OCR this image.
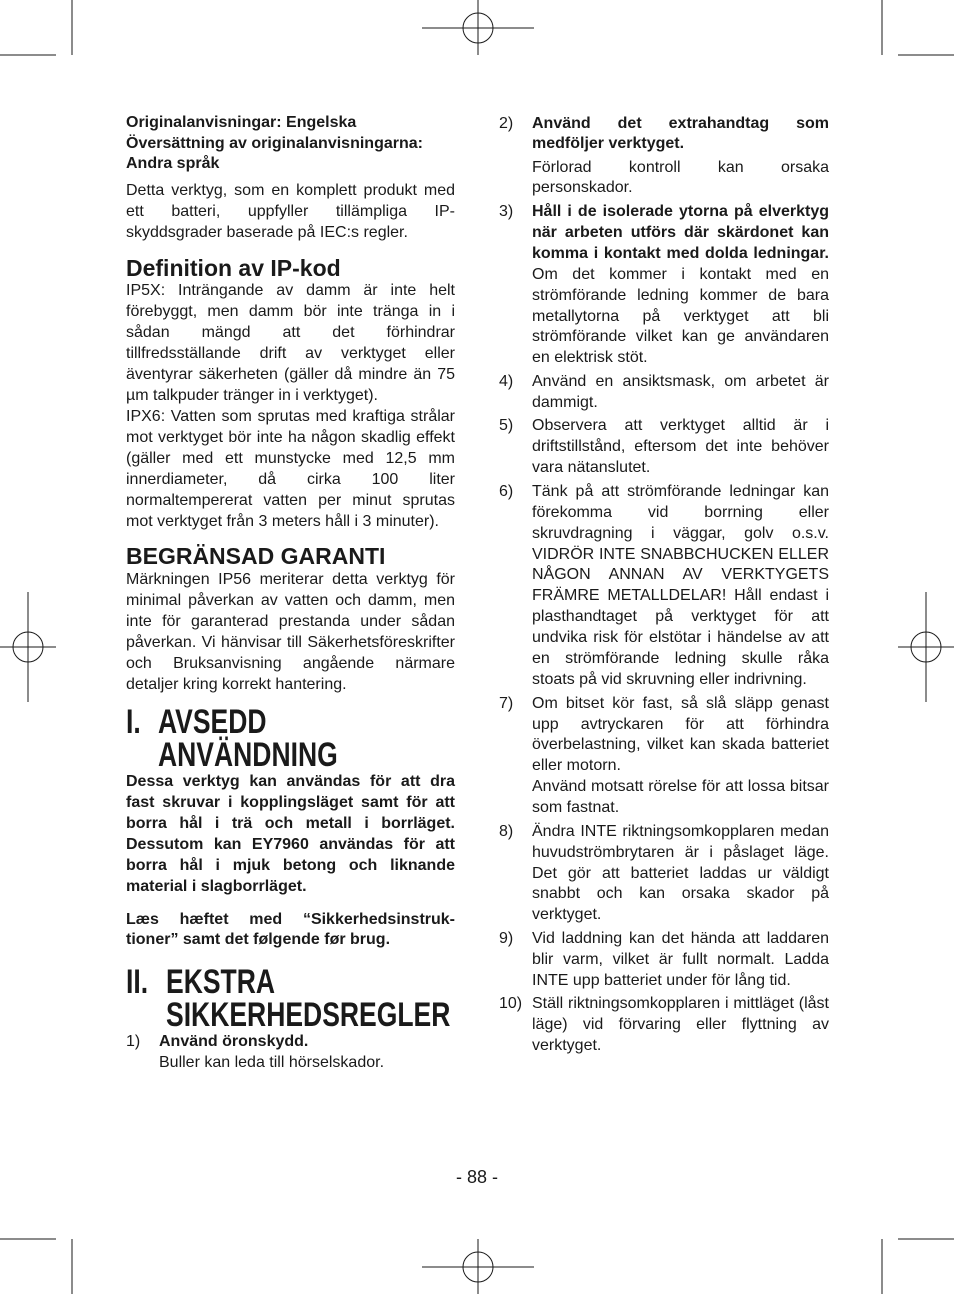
Originalanvisningar: Engelska
Översättning av originalanvisningarna:
Andra språk

Detta verktyg, som en komplett produkt med ett batteri, uppfyller tillämpliga IP-skyddsgrader baserade på IEC:s regler.

Definition av IP-kod

IP5X: Inträngande av damm är inte helt förebyggt, men damm bör inte tränga in i sådan mängd att det förhindrar tillfredsställande drift av verktyget eller äventyrar säkerheten (gäller då mindre än 75 µm talkpuder tränger in i verktyget).

IPX6: Vatten som sprutas med kraftiga strålar mot verktyget bör inte ha någon skadlig effekt (gäller med ett munstycke med 12,5 mm innerdiameter, då cirka 100 liter normaltempererat vatten per minut sprutas mot verktyget från 3 meters håll i 3 minuter).

BEGRÄNSAD GARANTI

Märkningen IP56 meriterar detta verktyg för minimal påverkan av vatten och damm, men inte för garanterad prestanda under sådan påverkan. Vi hänvisar till Säkerhetsföreskrifter och Bruksanvisning angående närmare detaljer kring korrekt hantering.

I. AVSEDD
ANVÄNDNING

Dessa verktyg kan användas för att dra fast skruvar i kopplingsläget samt för att borra hål i trä och metall i borrläget. Dessutom kan EY7960 användas för att borra hål i mjuk betong och liknande material i slagborrläget.

Læs hæftet med “Sikkerhedsinstruk-tioner” samt det følgende før brug.

II. EKSTRA
SIKKERHEDSREGLER
1)	Använd öronskydd.

Buller kan leda till hörselskador.

2)	Använd det extrahandtag som medföljer verktyget.

Förlorad kontroll kan orsaka personskador.

3)	Håll i de isolerade ytorna på elverktyg när arbeten utförs där skärdonet kan komma i kontakt med dolda ledningar. Om det kommer i kontakt med en strömförande ledning kommer de bara metallytorna på verktyget att bli strömförande vilket kan ge användaren en elektrisk stöt.

4)	Använd en ansiktsmask, om arbetet är dammigt.

5)	Observera att verktyget alltid är i driftstillstånd, eftersom det inte behöver vara nätanslutet.

6)	Tänk på att strömförande ledningar kan förekomma vid borrning eller skruvdragning i väggar, golv o.s.v. VIDRÖR INTE SNABBCHUCKEN ELLER NÅGON ANNAN AV VERKTYGETS FRÄMRE METALLDELAR! Håll endast i plasthandtaget på verktyget för att undvika risk för elstötar i händelse av att en strömförande ledning skulle råka stoats på vid skruvning eller indrivning.

7)	Om bitset kör fast, så slå släpp genast upp avtryckaren för att förhindra överbelastning, vilket kan skada batteriet eller motorn.

Använd motsatt rörelse för att lossa bitsar som fastnat.

8)	Ändra INTE riktningsomkopplaren medan huvudströmbrytaren är i påslaget läge. Det gör att batteriet laddas ur väldigt snabbt och kan orsaka skador på verktyget.

9)	Vid laddning kan det hända att laddaren blir varm, vilket är fullt normalt. Ladda INTE upp batteriet under för lång tid.

10) Ställ riktningsomkopplaren i mittläget (låst läge) vid förvaring eller flyttning av verktyget.

- 88 -
